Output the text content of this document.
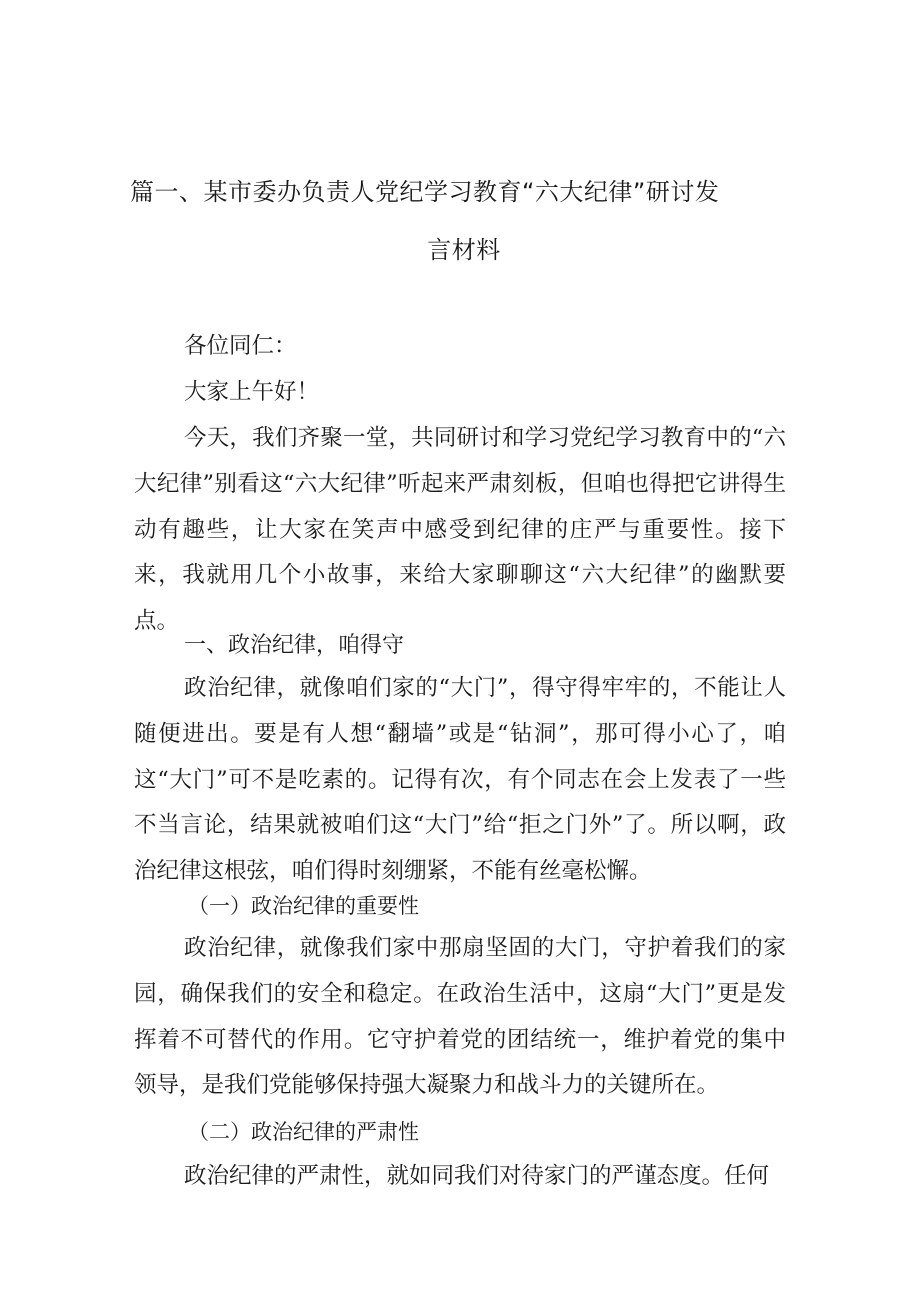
篇一、某市委办负责人党纪学习教育“六大纪律”研讨发
言材料

各位同仁：

大家上午好！

今天，我们齐聚一堂，共同研讨和学习党纪学习教育中的“六大纪律”别看这“六大纪律”听起来严肃刻板，但咱也得把它讲得生动有趣些，让大家在笑声中感受到纪律的庄严与重要性。接下来，我就用几个小故事，来给大家聊聊这“六大纪律”的幽默要点。

一、政治纪律，咱得守

政治纪律，就像咱们家的“大门”，得守得牢牢的，不能让人随便进出。要是有人想“翻墙”或是“钻洞”，那可得小心了，咱这“大门”可不是吃素的。记得有次，有个同志在会上发表了一些不当言论，结果就被咱们这“大门”给“拒之门外”了。所以啊，政治纪律这根弦，咱们得时刻绷紧，不能有丝毫松懈。

（一）政治纪律的重要性

政治纪律，就像我们家中那扇坚固的大门，守护着我们的家园，确保我们的安全和稳定。在政治生活中，这扇“大门”更是发挥着不可替代的作用。它守护着党的团结统一，维护着党的集中领导，是我们党能够保持强大凝聚力和战斗力的关键所在。

（二）政治纪律的严肃性

政治纪律的严肃性，就如同我们对待家门的严谨态度。任何
